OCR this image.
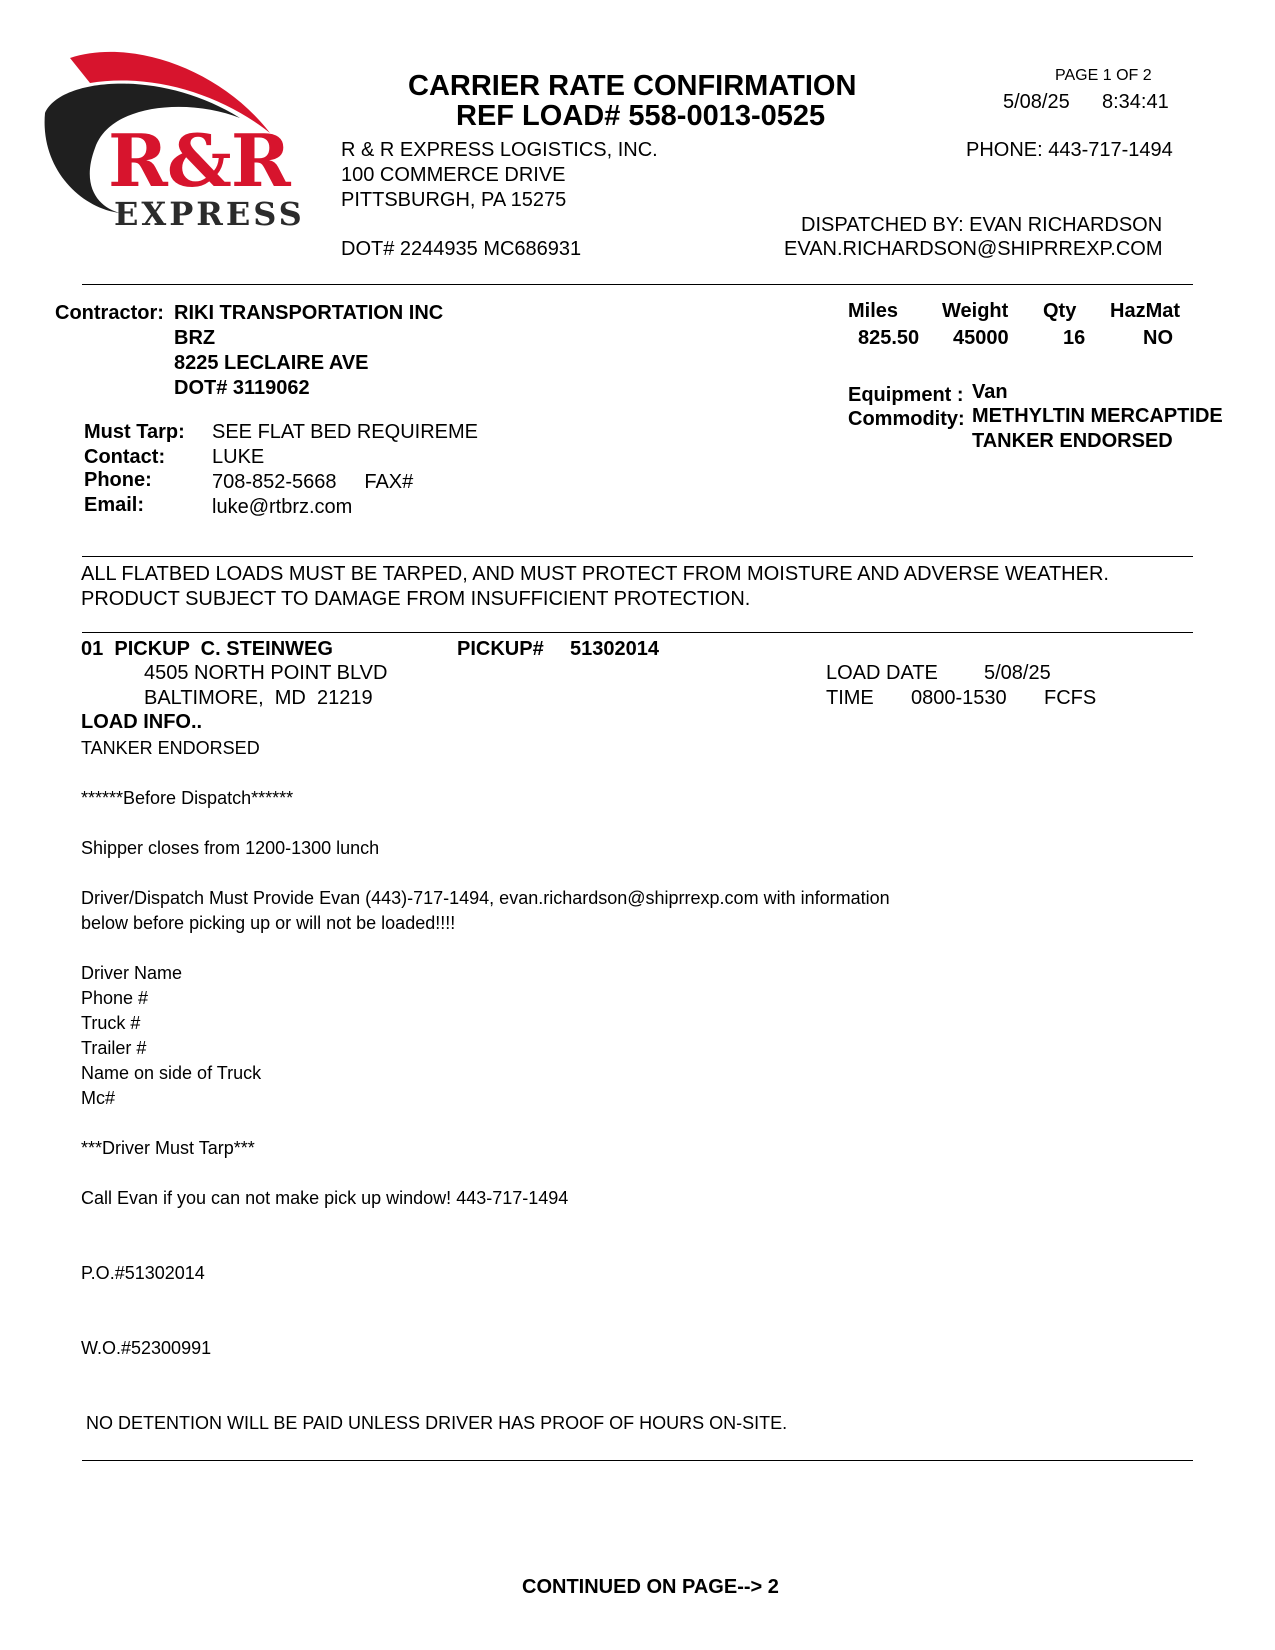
R&R
EXPRESS
CARRIER RATE CONFIRMATION
REF LOAD# 558-0013-0525
PAGE 1 OF 2
5/08/25 8:34:41
R & R EXPRESS LOGISTICS, INC.
100 COMMERCE DRIVE
PITTSBURGH, PA 15275
DOT# 2244935 MC686931
PHONE: 443-717-1494
DISPATCHED BY: EVAN RICHARDSON
EVAN.RICHARDSON@SHIPRREXP.COM
Contractor: RIKI TRANSPORTATION INC
BRZ
8225 LECLAIRE AVE
DOT# 3119062
Miles Weight Qty HazMat
825.50 45000	16	NO
Equipment : Van
Commodity: METHYLTIN MERCAPTIDE
TANKER ENDORSED
Must Tarp: SEE FLAT BED REQUIREME
Contact: LUKE
Phone:	708-852-5668     FAX#
Email:	luke@rtbrz.com
ALL FLATBED LOADS MUST BE TARPED, AND MUST PROTECT FROM MOISTURE AND ADVERSE WEATHER.
PRODUCT SUBJECT TO DAMAGE FROM INSUFFICIENT PROTECTION.
01  PICKUP  C. STEINWEG	PICKUP# 51302014
4505 NORTH POINT BLVD
BALTIMORE,  MD  21219
LOAD DATE 5/08/25
TIME 0800-1530 FCFS
LOAD INFO..
TANKER ENDORSED
******Before Dispatch******
Shipper closes from 1200-1300 lunch
Driver/Dispatch Must Provide Evan (443)-717-1494, evan.richardson@shiprrexp.com with information
below before picking up or will not be loaded!!!!
Driver Name
Phone #
Truck #
Trailer #
Name on side of Truck
Mc#
***Driver Must Tarp***
Call Evan if you can not make pick up window! 443-717-1494
P.O.#51302014
W.O.#52300991
NO DETENTION WILL BE PAID UNLESS DRIVER HAS PROOF OF HOURS ON-SITE.
CONTINUED ON PAGE--> 2
